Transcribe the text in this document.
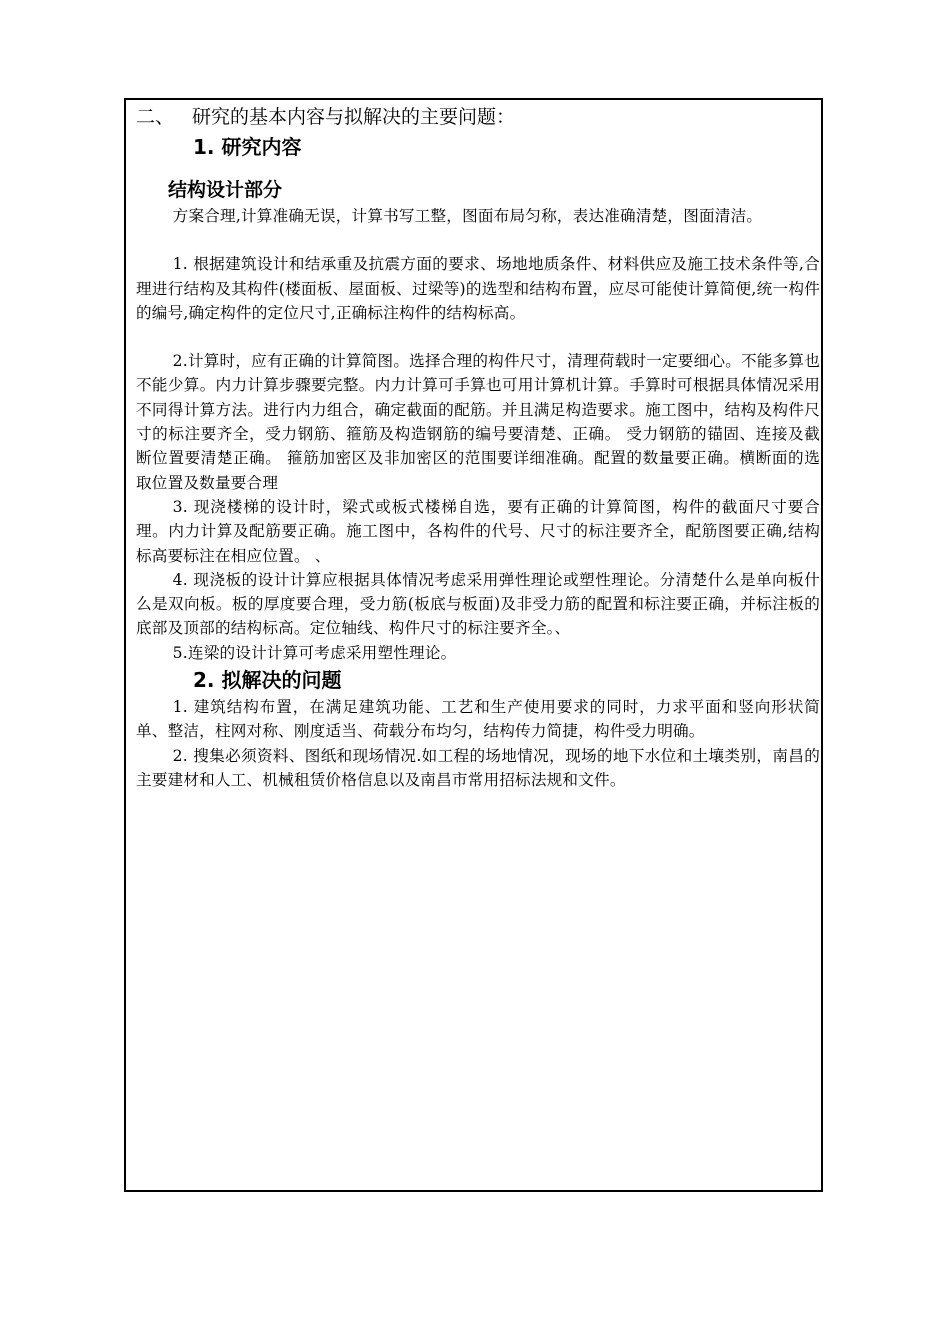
二、 研究的基本内容与拟解决的主要问题：
1. 研究内容
结构设计部分

方案合理,计算准确无误，计算书写工整，图面布局匀称，表达准确清楚，图面清洁。

1. 根据建筑设计和结承重及抗震方面的要求、场地地质条件、材料供应及施工技术条件等,合理进行结构及其构件(楼面板、屋面板、过梁等)的选型和结构布置，应尽可能使计算简便,统一构件的编号,确定构件的定位尺寸,正确标注构件的结构标高。

2.计算时，应有正确的计算简图。选择合理的构件尺寸，清理荷载时一定要细心。不能多算也不能少算。内力计算步骤要完整。内力计算可手算也可用计算机计算。手算时可根据具体情况采用不同得计算方法。进行内力组合，确定截面的配筋。并且满足构造要求。施工图中，结构及构件尺寸的标注要齐全，受力钢筋、箍筋及构造钢筋的编号要清楚、正确。 受力钢筋的锚固、连接及截断位置要清楚正确。 箍筋加密区及非加密区的范围要详细准确。配置的数量要正确。横断面的选取位置及数量要合理

3. 现浇楼梯的设计时，梁式或板式楼梯自选，要有正确的计算简图，构件的截面尺寸要合理。内力计算及配筋要正确。施工图中，各构件的代号、尺寸的标注要齐全，配筋图要正确,结构标高要标注在相应位置。 、

4. 现浇板的设计计算应根据具体情况考虑采用弹性理论或塑性理论。分清楚什么是单向板什么是双向板。板的厚度要合理，受力筋(板底与板面)及非受力筋的配置和标注要正确，并标注板的底部及顶部的结构标高。定位轴线、构件尺寸的标注要齐全。、

5.连梁的设计计算可考虑采用塑性理论。

2. 拟解决的问题

1. 建筑结构布置，在满足建筑功能、工艺和生产使用要求的同时，力求平面和竖向形状简单、整洁，柱网对称、刚度适当、荷载分布均匀，结构传力简捷，构件受力明确。

2. 搜集必须资料、图纸和现场情况.如工程的场地情况，现场的地下水位和土壤类别，南昌的主要建材和人工、机械租赁价格信息以及南昌市常用招标法规和文件。
